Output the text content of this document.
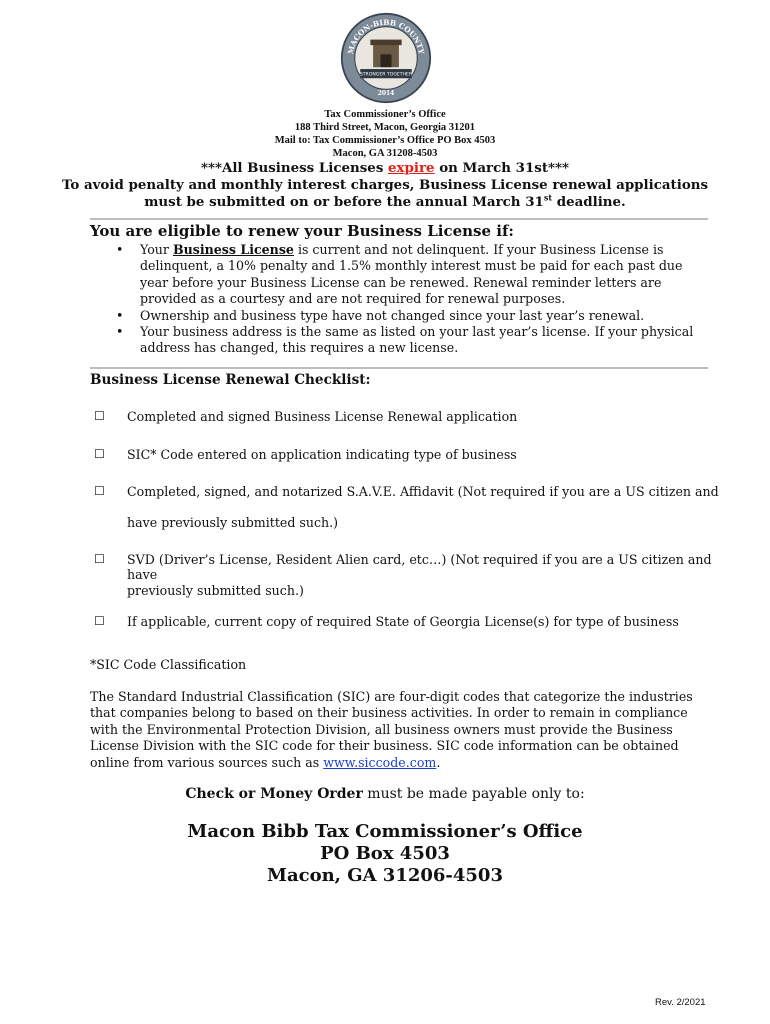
MACON-BIBB COUNTY
STRONGER TOGETHER
2014
Tax Commissioner’s Office
188 Third Street, Macon, Georgia 31201
Mail to: Tax Commissioner’s Office PO Box 4503
Macon, GA 31208-4503
***All Business Licenses expire on March 31st***
To avoid penalty and monthly interest charges, Business License renewal applications
must be submitted on or before the annual March 31st deadline.
You are eligible to renew your Business License if:
• Your Business License is current and not delinquent. If your Business License is delinquent, a 10% penalty and 1.5% monthly interest must be paid for each past due year before your Business License can be renewed. Renewal reminder letters are provided as a courtesy and are not required for renewal purposes.
• Ownership and business type have not changed since your last year’s renewal.
• Your business address is the same as listed on your last year’s license. If your physical address has changed, this requires a new license.
Business License Renewal Checklist:
☐ Completed and signed Business License Renewal application
☐ SIC* Code entered on application indicating type of business
☐ Completed, signed, and notarized S.A.V.E. Affidavit (Not required if you are a US citizen and
have previously submitted such.)
☐ SVD (Driver’s License, Resident Alien card, etc…) (Not required if you are a US citizen and have
previously submitted such.)
☐ If applicable, current copy of required State of Georgia License(s) for type of business
*SIC Code Classification
The Standard Industrial Classification (SIC) are four-digit codes that categorize the industries that companies belong to based on their business activities. In order to remain in compliance with the Environmental Protection Division, all business owners must provide the Business License Division with the SIC code for their business. SIC code information can be obtained online from various sources such as www.siccode.com.
Check or Money Order must be made payable only to:
Macon Bibb Tax Commissioner’s Office
PO Box 4503
Macon, GA 31206-4503
Rev. 2/2021
